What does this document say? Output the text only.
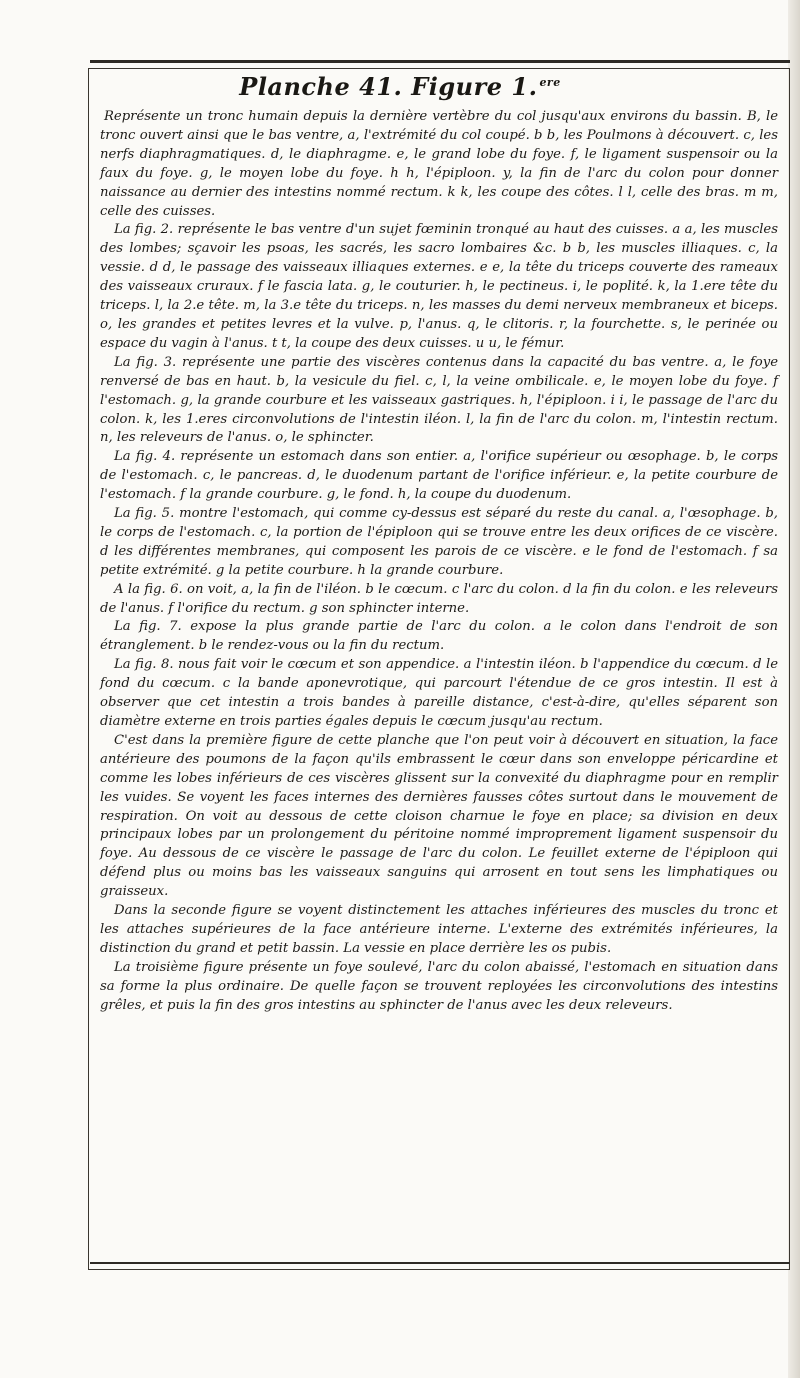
Planche 41. Figure 1. $^{ere}$

Représente un tronc humain depuis la dernière vertèbre du col jusqu'aux environs du bassin. B, le tronc ouvert ainsi que le bas ventre, a, l'extrémité du col coupé. b b, les Poulmons à découvert. c, les nerfs diaphragmatiques. d, le diaphragme. e, le grand lobe du foye. f, le ligament suspensoir ou la faux du foye. g, le moyen lobe du foye. h h, l'épiploon. y, la fin de l'arc du colon pour donner naissance au dernier des intestins nommé rectum. k k, les coupe des côtes. l l, celle des bras. m m, celle des cuisses.

La fig. 2. représente le bas ventre d'un sujet fœminin tronqué au haut des cuisses. a a, les muscles des lombes; sçavoir les psoas, les sacrés, les sacro lombaires &c. b b, les muscles illiaques. c, la vessie. d d, le passage des vaisseaux illiaques externes. e e, la tête du triceps couverte des rameaux des vaisseaux cruraux. f le fascia lata. g, le couturier. h, le pectineus. i, le poplité. k, la 1.ere tête du triceps. l, la 2.e tête. m, la 3.e tête du triceps. n, les masses du demi nerveux membraneux et biceps. o, les grandes et petites levres et la vulve. p, l'anus. q, le clitoris. r, la fourchette. s, le perinée ou espace du vagin à l'anus. t t, la coupe des deux cuisses. u u, le fémur.

La fig. 3. représente une partie des viscères contenus dans la capacité du bas ventre. a, le foye renversé de bas en haut. b, la vesicule du fiel. c, l, la veine ombilicale. e, le moyen lobe du foye. f l'estomach. g, la grande courbure et les vaisseaux gastriques. h, l'épiploon. i i, le passage de l'arc du colon. k, les 1.eres circonvolutions de l'intestin iléon. l, la fin de l'arc du colon. m, l'intestin rectum. n, les releveurs de l'anus. o, le sphincter.

La fig. 4. représente un estomach dans son entier. a, l'orifice supérieur ou œsophage. b, le corps de l'estomach. c, le pancreas. d, le duodenum partant de l'orifice inférieur. e, la petite courbure de l'estomach. f la grande courbure. g, le fond. h, la coupe du duodenum.

La fig. 5. montre l'estomach, qui comme cy-dessus est séparé du reste du canal. a, l'œsophage. b, le corps de l'estomach. c, la portion de l'épiploon qui se trouve entre les deux orifices de ce viscère. d les différentes membranes, qui composent les parois de ce viscère. e le fond de l'estomach. f sa petite extrémité. g la petite courbure. h la grande courbure.

A la fig. 6. on voit, a, la fin de l'iléon. b le cœcum. c l'arc du colon. d la fin du colon. e les releveurs de l'anus. f l'orifice du rectum. g son sphincter interne.

La fig. 7. expose la plus grande partie de l'arc du colon. a le colon dans l'endroit de son étranglement. b le rendez-vous ou la fin du rectum.

La fig. 8. nous fait voir le cœcum et son appendice. a l'intestin iléon. b l'appendice du cœcum. d le fond du cœcum. c la bande aponevrotique, qui parcourt l'étendue de ce gros intestin. Il est à observer que cet intestin a trois bandes à pareille distance, c'est-à-dire, qu'elles séparent son diamètre externe en trois parties égales depuis le cœcum jusqu'au rectum.

C'est dans la première figure de cette planche que l'on peut voir à découvert en situation, la face antérieure des poumons de la façon qu'ils embrassent le cœur dans son enveloppe péricardine et comme les lobes inférieurs de ces viscères glissent sur la convexité du diaphragme pour en remplir les vuides. Se voyent les faces internes des dernières fausses côtes surtout dans le mouvement de respiration. On voit au dessous de cette cloison charnue le foye en place; sa division en deux principaux lobes par un prolongement du péritoine nommé improprement ligament suspensoir du foye. Au dessous de ce viscère le passage de l'arc du colon. Le feuillet externe de l'épiploon qui défend plus ou moins bas les vaisseaux sanguins qui arrosent en tout sens les limphatiques ou graisseux.

Dans la seconde figure se voyent distinctement les attaches inférieures des muscles du tronc et les attaches supérieures de la face antérieure interne. L'externe des extrémités inférieures, la distinction du grand et petit bassin. La vessie en place derrière les os pubis.

La troisième figure présente un foye soulevé, l'arc du colon abaissé, l'estomach en situation dans sa forme la plus ordinaire. De quelle façon se trouvent reployées les circonvolutions des intestins grêles, et puis la fin des gros intestins au sphincter de l'anus avec les deux releveurs.
